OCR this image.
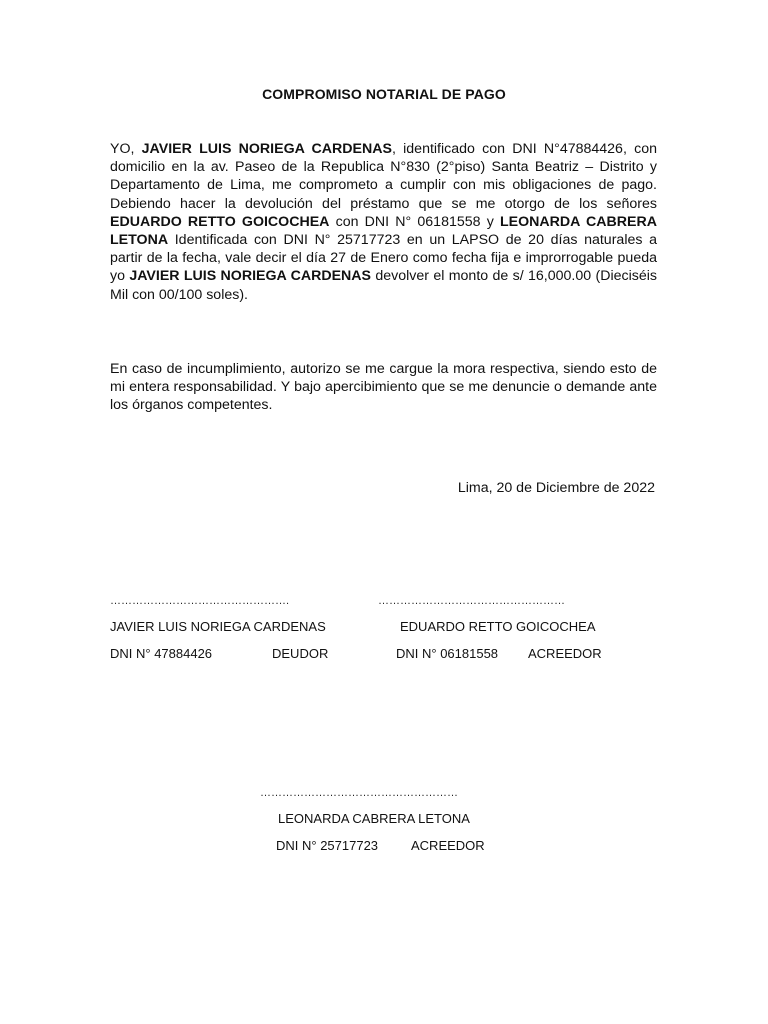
COMPROMISO NOTARIAL DE PAGO
YO, JAVIER LUIS NORIEGA CARDENAS, identificado con DNI N°47884426, con domicilio en la av. Paseo de la Republica N°830 (2°piso) Santa Beatriz – Distrito y Departamento de Lima, me comprometo a cumplir con mis obligaciones de pago. Debiendo hacer la devolución del préstamo que se me otorgo de los señores EDUARDO RETTO GOICOCHEA con DNI N° 06181558 y LEONARDA CABRERA LETONA Identificada con DNI N° 25717723 en un LAPSO de 20 días naturales a partir de la fecha, vale decir el día 27 de Enero como fecha fija e improrrogable pueda yo JAVIER LUIS NORIEGA CARDENAS devolver el monto de s/ 16,000.00 (Dieciséis Mil con 00/100 soles).
En caso de incumplimiento, autorizo se me cargue la mora respectiva, siendo esto de mi entera responsabilidad. Y bajo apercibimiento que se me denuncie o demande ante los órganos competentes.
Lima, 20 de Diciembre de 2022
………………………………………….
JAVIER LUIS NORIEGA CARDENAS
DNI N° 47884426	DEUDOR
……………………………………………
EDUARDO RETTO GOICOCHEA
DNI N° 06181558 ACREEDOR
………………………………………………
LEONARDA CABRERA LETONA
DNI N° 25717723	ACREEDOR
